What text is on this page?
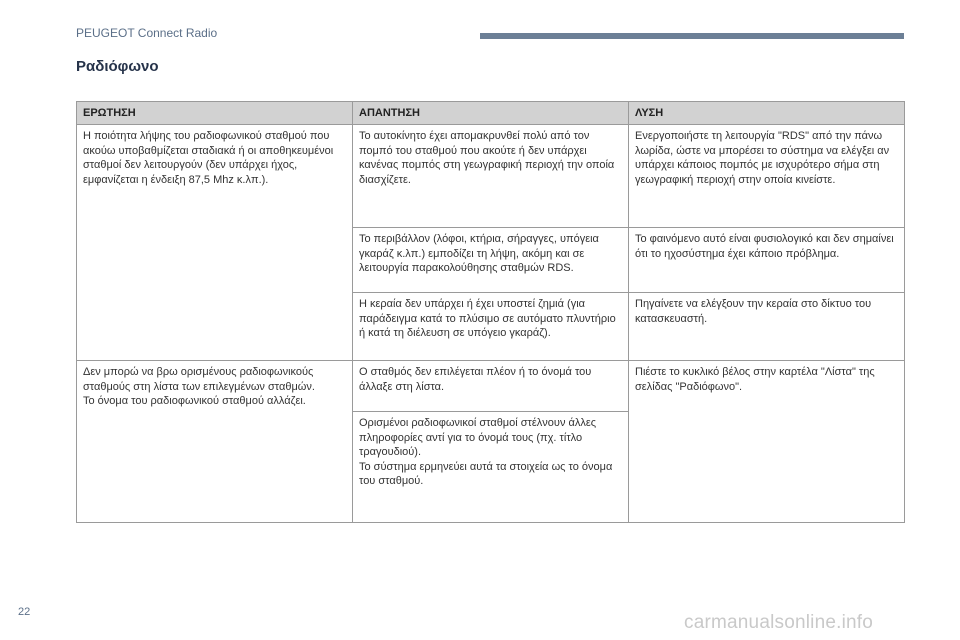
PEUGEOT Connect Radio
Ραδιόφωνο
ΕΡΩΤΗΣΗ	ΑΠΑΝΤΗΣΗ	ΛΥΣΗ
Η ποιότητα λήψης του ραδιοφωνικού σταθμού που ακούω υποβαθμίζεται σταδιακά ή οι αποθηκευμένοι σταθμοί δεν λειτουργούν (δεν υπάρχει ήχος, εμφανίζεται η ένδειξη 87,5 Mhz κ.λπ.).	Το αυτοκίνητο έχει απομακρυνθεί πολύ από τον πομπό του σταθμού που ακούτε ή δεν υπάρχει κανένας πομπός στη γεωγραφική περιοχή την οποία διασχίζετε.	Ενεργοποιήστε τη λειτουργία "RDS" από την πάνω λωρίδα, ώστε να μπορέσει το σύστημα να ελέγξει αν υπάρχει κάποιος πομπός με ισχυρότερο σήμα στη γεωγραφική περιοχή στην οποία κινείστε.
	Το περιβάλλον (λόφοι, κτήρια, σήραγγες, υπόγεια γκαράζ κ.λπ.) εμποδίζει τη λήψη, ακόμη και σε λειτουργία παρακολούθησης σταθμών RDS.	Το φαινόμενο αυτό είναι φυσιολογικό και δεν σημαίνει ότι το ηχοσύστημα έχει κάποιο πρόβλημα.
	Η κεραία δεν υπάρχει ή έχει υποστεί ζημιά (για παράδειγμα κατά το πλύσιμο σε αυτόματο πλυντήριο ή κατά τη διέλευση σε υπόγειο γκαράζ).	Πηγαίνετε να ελέγξουν την κεραία στο δίκτυο του κατασκευαστή.
Δεν μπορώ να βρω ορισμένους ραδιοφωνικούς σταθμούς στη λίστα των επιλεγμένων σταθμών.
Το όνομα του ραδιοφωνικού σταθμού αλλάζει.	Ο σταθμός δεν επιλέγεται πλέον ή το όνομά του άλλαξε στη λίστα.	Πιέστε το κυκλικό βέλος στην καρτέλα "Λίστα" της σελίδας "Ραδιόφωνο".
	Ορισμένοι ραδιοφωνικοί σταθμοί στέλνουν άλλες πληροφορίες αντί για το όνομά τους (πχ. τίτλο τραγουδιού).
Το σύστημα ερμηνεύει αυτά τα στοιχεία ως το όνομα του σταθμού.	
22	carmanualsonline.info
